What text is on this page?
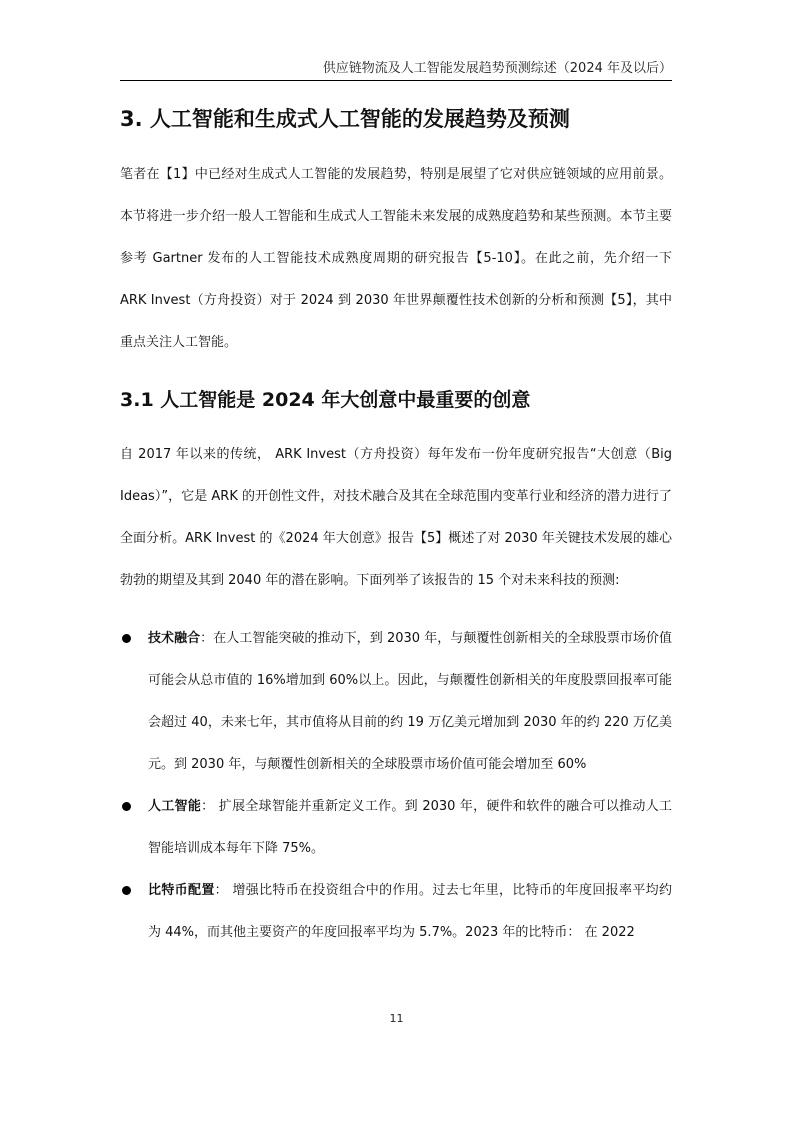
供应链物流及人工智能发展趋势预测综述（2024 年及以后）
3. 人工智能和生成式人工智能的发展趋势及预测

笔者在【1】中已经对生成式人工智能的发展趋势，特别是展望了它对供应链领域的应用前景。本节将进一步介绍一般人工智能和生成式人工智能未来发展的成熟度趋势和某些预测。本节主要参考 Gartner 发布的人工智能技术成熟度周期的研究报告【5-10】。在此之前，先介绍一下 ARK Invest（方舟投资）对于 2024 到 2030 年世界颠覆性技术创新的分析和预测【5】，其中重点关注人工智能。

3.1 人工智能是 2024 年大创意中最重要的创意

自 2017 年以来的传统， ARK Invest（方舟投资）每年发布一份年度研究报告“大创意（Big Ideas）”，它是 ARK 的开创性文件，对技术融合及其在全球范围内变革行业和经济的潜力进行了全面分析。ARK Invest 的《2024 年大创意》报告【5】概述了对 2030 年关键技术发展的雄心勃勃的期望及其到 2040 年的潜在影响。下面列举了该报告的 15 个对未来科技的预测:

技术融合：在人工智能突破的推动下，到 2030 年，与颠覆性创新相关的全球股票市场价值可能会从总市值的 16%增加到 60%以上。因此，与颠覆性创新相关的年度股票回报率可能会超过 40，未来七年，其市值将从目前的约 19 万亿美元增加到 2030 年的约 220 万亿美元。到 2030 年，与颠覆性创新相关的全球股票市场价值可能会增加至 60%

人工智能： 扩展全球智能并重新定义工作。到 2030 年，硬件和软件的融合可以推动人工智能培训成本每年下降 75%。

比特币配置： 增强比特币在投资组合中的作用。过去七年里，比特币的年度回报率平均约为 44%，而其他主要资产的年度回报率平均为 5.7%。2023 年的比特币： 在 2022

11
